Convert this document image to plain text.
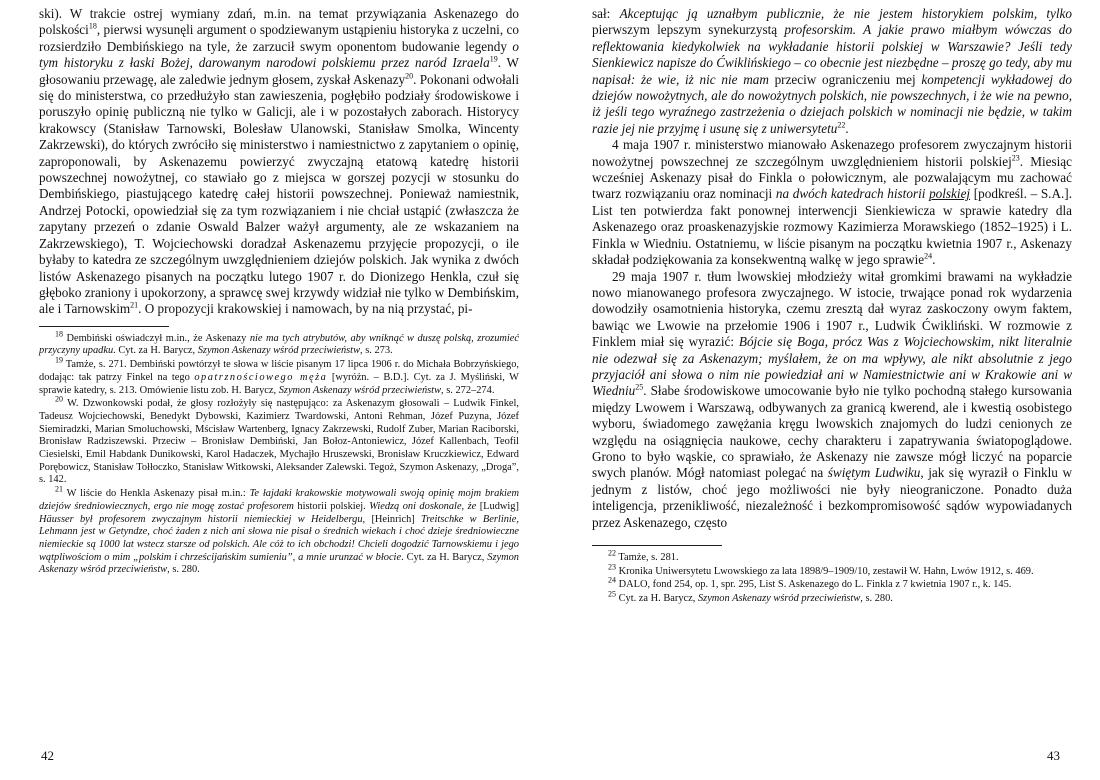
ski). W trakcie ostrej wymiany zdań, m.in. na temat przywiązania Askenazego do polskości$^{18}$, pierwsi wysunęli argument o spodziewanym ustąpieniu historyka z uczelni, co rozsierdziło Dembińskiego na tyle, że zarzucił swym oponentom budowanie legendy o tym historyku z łaski Bożej, darowanym narodowi polskiemu przez naród Izraela$^{19}$. W głosowaniu przewagę, ale zaledwie jednym głosem, zyskał Askenazy$^{20}$. Pokonani odwołali się do ministerstwa, co przedłużyło stan zawieszenia, pogłębiło podziały środowiskowe i poruszyło opinię publiczną nie tylko w Galicji, ale i w pozostałych zaborach. Historycy krakowscy (Stanisław Tarnowski, Bolesław Ulanowski, Stanisław Smolka, Wincenty Zakrzewski), do których zwróciło się ministerstwo i namiestnictwo z zapytaniem o opinię, zaproponowali, by Askenazemu powierzyć zwyczajną etatową katedrę historii powszechnej nowożytnej, co stawiało go z miejsca w gorszej pozycji w stosunku do Dembińskiego, piastującego katedrę całej historii powszechnej. Ponieważ namiestnik, Andrzej Potocki, opowiedział się za tym rozwiązaniem i nie chciał ustąpić (zwłaszcza że zapytany przezeń o zdanie Oswald Balzer ważył argumenty, ale ze wskazaniem na Zakrzewskiego), T. Wojciechowski doradzał Askenazemu przyjęcie propozycji, o ile byłaby to katedra ze szczególnym uwzględnieniem dziejów polskich. Jak wynika z dwóch listów Askenazego pisanych na początku lutego 1907 r. do Dionizego Henkla, czuł się głęboko zraniony i upokorzony, a sprawcę swej krzywdy widział nie tylko w Dembińskim, ale i Tarnowskim$^{21}$. O propozycji krakowskiej i namowach, by na nią przystać, pi-

$^{18}$ Dembiński oświadczył m.in., że Askenazy nie ma tych atrybutów, aby wniknąć w duszę polską, zrozumieć przyczyny upadku. Cyt. za H. Barycz, Szymon Askenazy wśród przeciwieństw, s. 273.

$^{19}$ Tamże, s. 271. Dembiński powtórzył te słowa w liście pisanym 17 lipca 1906 r. do Michała Bobrzyńskiego, dodając: tak patrzy Finkel na tego opatrznościowego męża [wyróżn. – B.D.]. Cyt. za J. Myśliński, W sprawie katedry, s. 213. Omówienie listu zob. H. Barycz, Szymon Askenazy wśród przeciwieństw, s. 272–274.

$^{20}$ W. Dzwonkowski podał, że głosy rozłożyły się następująco: za Askenazym głosowali – Ludwik Finkel, Tadeusz Wojciechowski, Benedykt Dybowski, Kazimierz Twardowski, Antoni Rehman, Józef Puzyna, Józef Siemiradzki, Marian Smoluchowski, Mścisław Wartenberg, Ignacy Zakrzewski, Rudolf Zuber, Marian Raciborski, Bronisław Radziszewski. Przeciw – Bronisław Dembiński, Jan Bołoz-Antoniewicz, Józef Kallenbach, Teofil Ciesielski, Emil Habdank Dunikowski, Karol Hadaczek, Mychajło Hruszewski, Bronisław Kruczkiewicz, Edward Porębowicz, Stanisław Tołłoczko, Stanisław Witkowski, Aleksander Zalewski. Tegoż, Szymon Askenazy, „Droga”, s. 142.

$^{21}$ W liście do Henkla Askenazy pisał m.in.: Te łajdaki krakowskie motywowali swoją opinię mojm brakiem dziejów średniowiecznych, ergo nie mogę zostać profesorem historii polskiej. Wiedzą oni doskonale, że [Ludwig] Häusser był profesorem zwyczajnym historii niemieckiej w Heidelbergu, [Heinrich] Treitschke w Berlinie, Lehmann jest w Getyndze, choć żaden z nich ani słowa nie pisał o średnich wiekach i choć dzieje średniowieczne niemieckie są 1000 lat wstecz starsze od polskich. Ale cóż to ich obchodzi! Chcieli dogodzić Tarnowskiemu i jego wątpliwościom o mim „polskim i chrześcijańskim sumieniu”, a mnie urunzać w błocie. Cyt. za H. Barycz, Szymon Askenazy wśród przeciwieństw, s. 280.

42

sał: Akceptując ją uznałbym publicznie, że nie jestem historykiem polskim, tylko pierwszym lepszym synekurzystą profesorskim. A jakie prawo miałbym wówczas do reflektowania kiedykolwiek na wykładanie historii polskiej w Warszawie? Jeśli tedy Sienkiewicz napisze do Ćwiklińskiego – co obecnie jest niezbędne – proszę go tedy, aby mu napisał: że wie, iż nic nie mam przeciw ograniczeniu mej kompetencji wykładowej do dziejów nowożytnych, ale do nowożytnych polskich, nie powszechnych, i że wie na pewno, iż jeśli tego wyraźnego zastrzeżenia o dziejach polskich w nominacji nie będzie, w takim razie jej nie przyjmę i usunę się z uniwersytetu$^{22}$.

4 maja 1907 r. ministerstwo mianowało Askenazego profesorem zwyczajnym historii nowożytnej powszechnej ze szczególnym uwzględnieniem historii polskiej$^{23}$. Miesiąc wcześniej Askenazy pisał do Finkla o połowicznym, ale pozwalającym mu zachować twarz rozwiązaniu oraz nominacji na dwóch katedrach historii polskiej [podkreśl. – S.A.]. List ten potwierdza fakt ponownej interwencji Sienkiewicza w sprawie katedry dla Askenazego oraz proaskenazyjskie rozmowy Kazimierza Morawskiego (1852–1925) i L. Finkla w Wiedniu. Ostatniemu, w liście pisanym na początku kwietnia 1907 r., Askenazy składał podziękowania za konsekwentną walkę w jego sprawie$^{24}$.

29 maja 1907 r. tłum lwowskiej młodzieży witał gromkimi brawami na wykładzie nowo mianowanego profesora zwyczajnego. W istocie, trwające ponad rok wydarzenia dowodziły osamotnienia historyka, czemu zresztą dał wyraz zaskoczony owym faktem, bawiąc we Lwowie na przełomie 1906 i 1907 r., Ludwik Ćwikliński. W rozmowie z Finklem miał się wyrazić: Bójcie się Boga, prócz Was z Wojciechowskim, nikt literalnie nie odezwał się za Askenazym; myślałem, że on ma wpływy, ale nikt absolutnie z jego przyjaciół ani słowa o nim nie powiedział ani w Namiestnictwie ani w Krakowie ani w Wiedniu$^{25}$. Słabe środowiskowe umocowanie było nie tylko pochodną stałego kursowania między Lwowem i Warszawą, odbywanych za granicą kwerend, ale i kwestią osobistego wyboru, świadomego zawężania kręgu lwowskich znajomych do ludzi cenionych ze względu na osiągnięcia naukowe, cechy charakteru i zapatrywania światopoglądowe. Grono to było wąskie, co sprawiało, że Askenazy nie zawsze mógł liczyć na poparcie swych planów. Mógł natomiast polegać na świętym Ludwiku, jak się wyraził o Finklu w jednym z listów, choć jego możliwości nie były nieograniczone. Ponadto duża inteligencja, przenikliwość, niezależność i bezkompromisowość sądów wypowiadanych przez Askenazego, często

$^{22}$ Tamże, s. 281.

$^{23}$ Kronika Uniwersytetu Lwowskiego za lata 1898/9–1909/10, zestawił W. Hahn, Lwów 1912, s. 469.

$^{24}$ DALO, fond 254, op. 1, spr. 295, List S. Askenazego do L. Finkla z 7 kwietnia 1907 r., k. 145.

$^{25}$ Cyt. za H. Barycz, Szymon Askenazy wśród przeciwieństw, s. 280.

43
